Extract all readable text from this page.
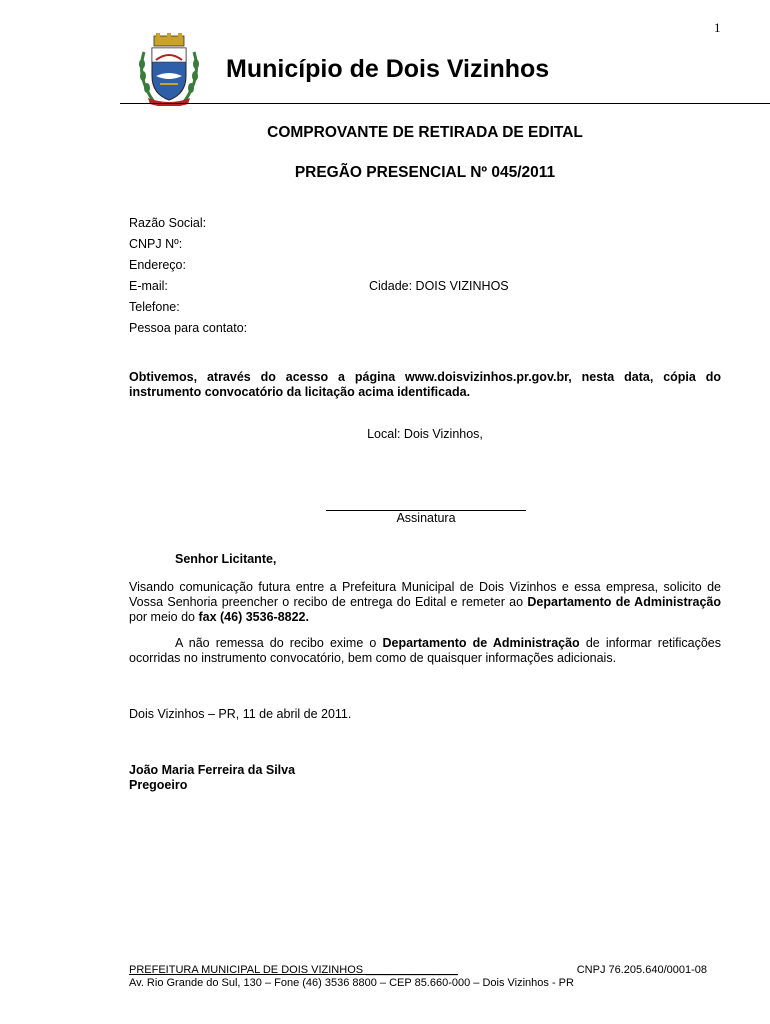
1
Município de Dois Vizinhos
COMPROVANTE DE RETIRADA DE EDITAL
PREGÃO PRESENCIAL Nº 045/2011
Razão Social:
CNPJ Nº:
Endereço:
E-mail:	Cidade: DOIS VIZINHOS
Telefone:
Pessoa para contato:
Obtivemos, através do acesso a página www.doisvizinhos.pr.gov.br, nesta data, cópia do instrumento convocatório da licitação acima identificada.
Local: Dois Vizinhos,
Assinatura
Senhor Licitante,
Visando comunicação futura entre a Prefeitura Municipal de Dois Vizinhos e essa empresa, solicito de Vossa Senhoria preencher o recibo de entrega do Edital e remeter ao Departamento de Administração por meio do fax (46) 3536-8822.
A não remessa do recibo exime o Departamento de Administração de informar retificações ocorridas no instrumento convocatório, bem como de quaisquer informações adicionais.
Dois Vizinhos – PR, 11 de abril de 2011.
João Maria Ferreira da Silva
Pregoeiro
PREFEITURA MUNICIPAL DE DOIS VIZINHOS _______________	CNPJ 76.205.640/0001-08
Av. Rio Grande do Sul, 130 – Fone (46) 3536 8800 – CEP 85.660-000 – Dois Vizinhos - PR
